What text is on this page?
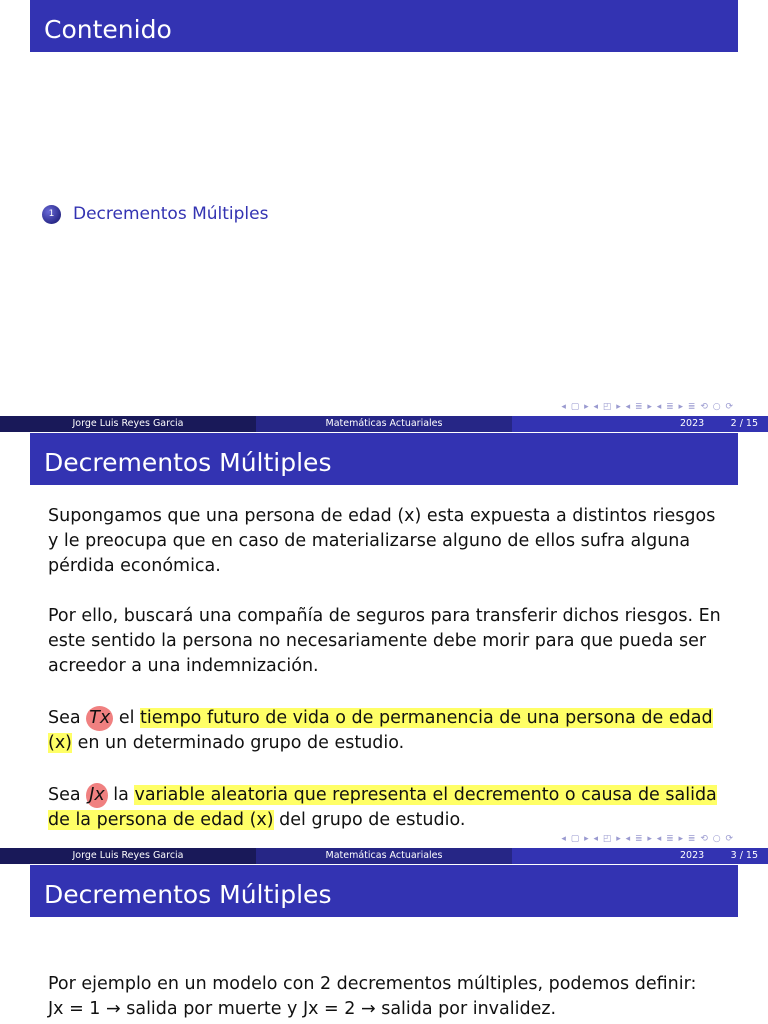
Contenido
1	Decrementos Múltiples
◂ ▢ ▸ ◂ ◰ ▸ ◂ ≣ ▸ ◂ ≣ ▸ ≣ ⟲ ○ ⟳
Jorge Luis Reyes Garcia	Matemáticas Actuariales	2023	2 / 15
Decrementos Múltiples

Supongamos que una persona de edad (x) esta expuesta a distintos riesgos y le preocupa que en caso de materializarse alguno de ellos sufra alguna pérdida económica.

Por ello, buscará una compañía de seguros para transferir dichos riesgos. En este sentido la persona no necesariamente debe morir para que pueda ser acreedor a una indemnización.

Sea Tx el tiempo futuro de vida o de permanencia de una persona de edad (x) en un determinado grupo de estudio.

Sea Jx la variable aleatoria que representa el decremento o causa de salida de la persona de edad (x) del grupo de estudio.

◂ ▢ ▸ ◂ ◰ ▸ ◂ ≣ ▸ ◂ ≣ ▸ ≣ ⟲ ○ ⟳
Jorge Luis Reyes Garcia	Matemáticas Actuariales	2023	3 / 15
Decrementos Múltiples

Por ejemplo en un modelo con 2 decrementos múltiples, podemos definir:

Jx = 1 → salida por muerte y Jx = 2 → salida por invalidez.
